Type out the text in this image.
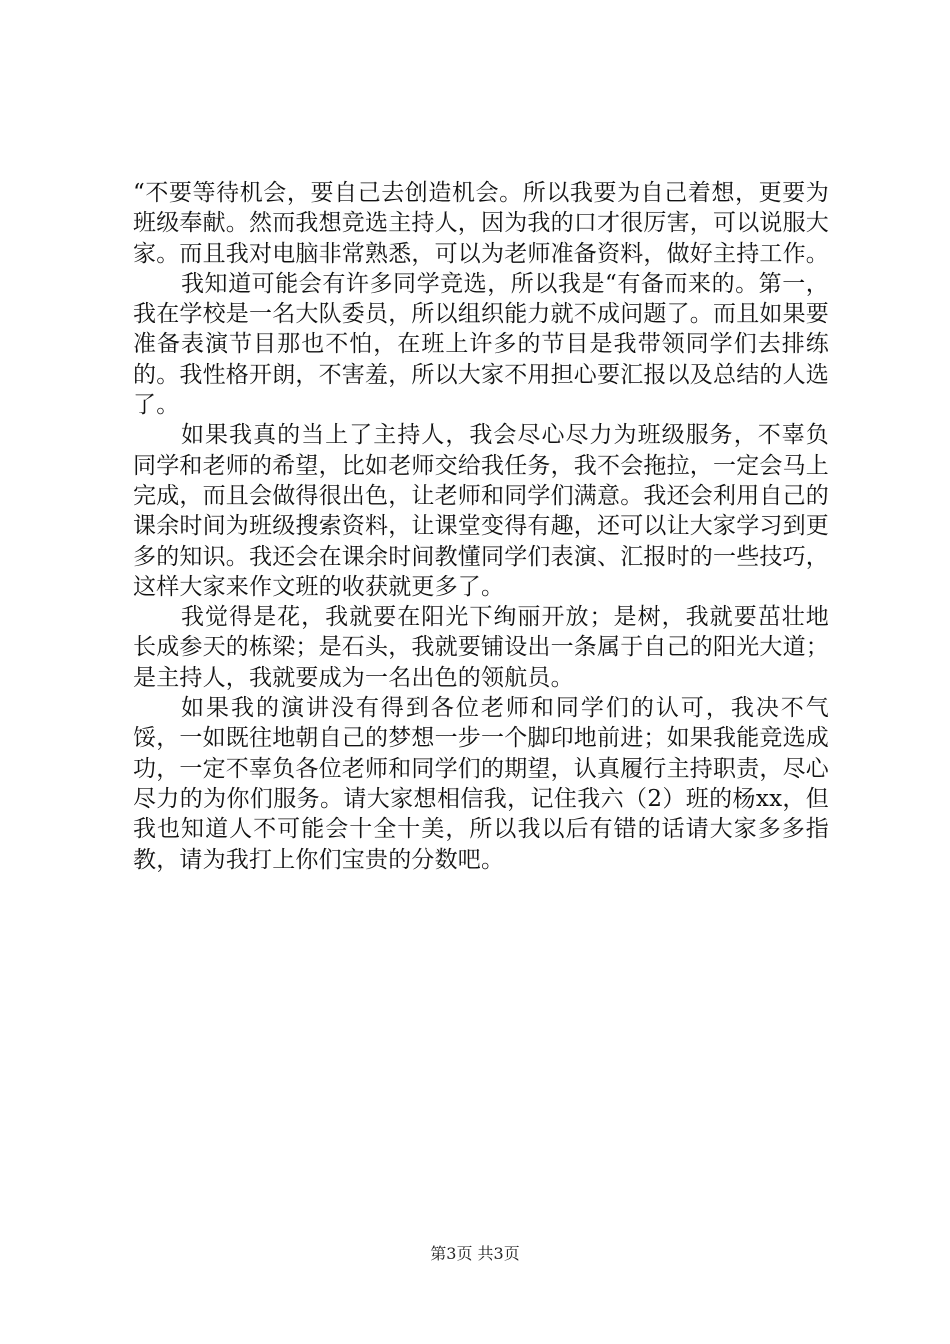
“不要等待机会，要自己去创造机会。所以我要为自己着想，更要为班级奉献。然而我想竞选主持人，因为我的口才很厉害，可以说服大家。而且我对电脑非常熟悉，可以为老师准备资料，做好主持工作。

我知道可能会有许多同学竞选，所以我是“有备而来的。第一，我在学校是一名大队委员，所以组织能力就不成问题了。而且如果要准备表演节目那也不怕，在班上许多的节目是我带领同学们去排练的。我性格开朗，不害羞，所以大家不用担心要汇报以及总结的人选了。

如果我真的当上了主持人，我会尽心尽力为班级服务，不辜负同学和老师的希望，比如老师交给我任务，我不会拖拉，一定会马上完成，而且会做得很出色，让老师和同学们满意。我还会利用自己的课余时间为班级搜索资料，让课堂变得有趣，还可以让大家学习到更多的知识。我还会在课余时间教懂同学们表演、汇报时的一些技巧，这样大家来作文班的收获就更多了。

我觉得是花，我就要在阳光下绚丽开放；是树，我就要茁壮地长成参天的栋梁；是石头，我就要铺设出一条属于自己的阳光大道；是主持人，我就要成为一名出色的领航员。

如果我的演讲没有得到各位老师和同学们的认可，我决不气馁，一如既往地朝自己的梦想一步一个脚印地前进；如果我能竞选成功，一定不辜负各位老师和同学们的期望，认真履行主持职责，尽心尽力的为你们服务。请大家想相信我，记住我六（2）班的杨xx，但我也知道人不可能会十全十美，所以我以后有错的话请大家多多指教，请为我打上你们宝贵的分数吧。

第3页 共3页
